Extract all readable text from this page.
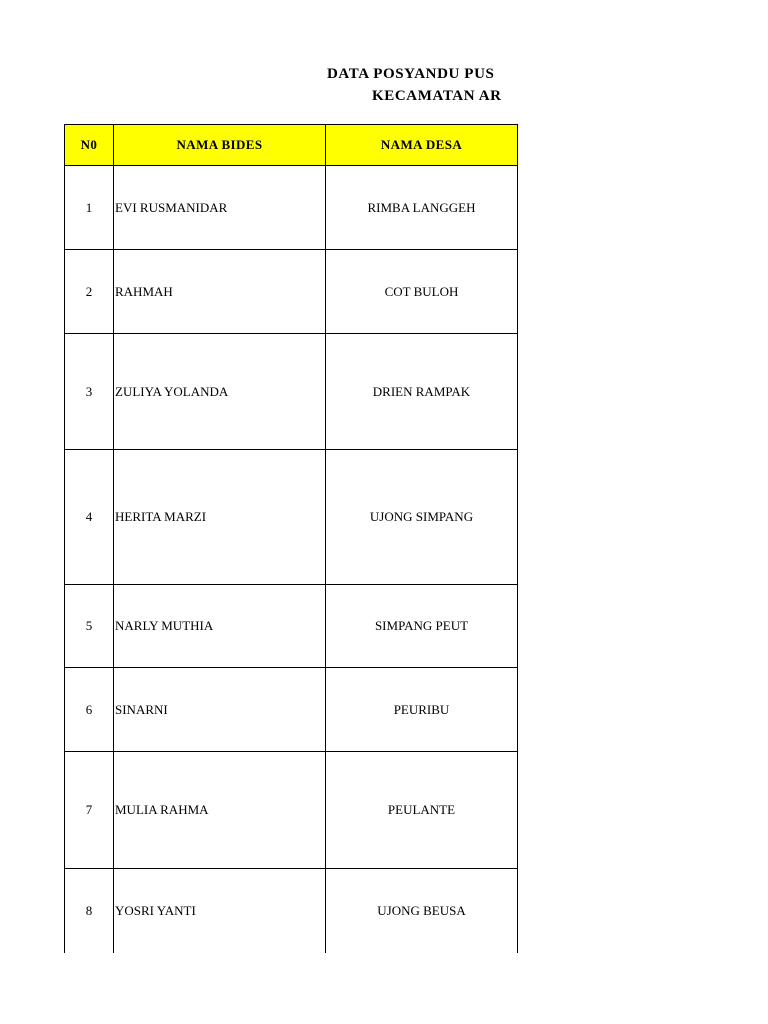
DATA POSYANDU PUS
KECAMATAN AR
N0	NAMA BIDES	NAMA DESA
1	EVI RUSMANIDAR	RIMBA LANGGEH
2	RAHMAH	COT BULOH
3	ZULIYA YOLANDA	DRIEN RAMPAK
4	HERITA MARZI	UJONG SIMPANG
5	NARLY MUTHIA	SIMPANG PEUT
6	SINARNI	PEURIBU
7	MULIA RAHMA	PEULANTE
8	YOSRI YANTI	UJONG BEUSA
